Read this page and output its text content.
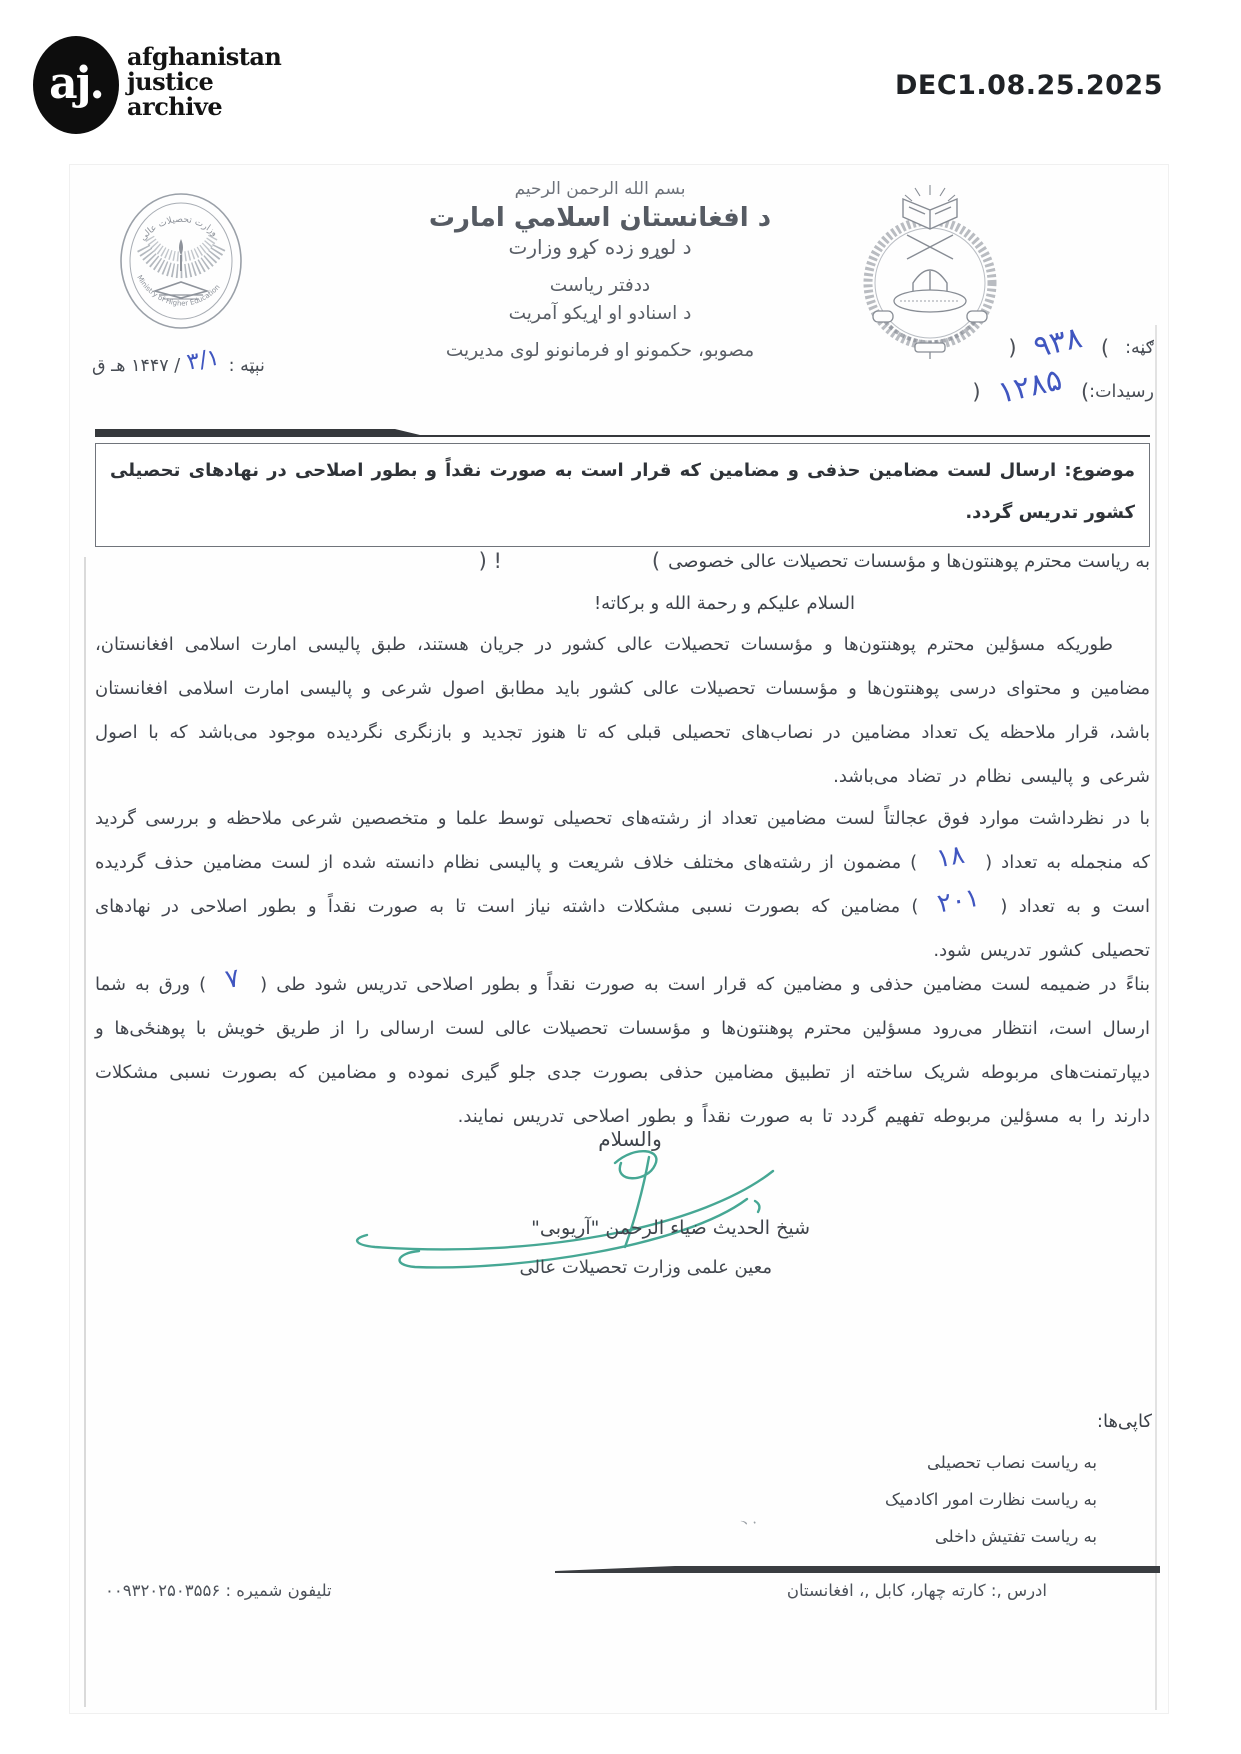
aj.
afghanistan
justice
archive
DEC1.08.25.2025
وزارت تحصیلات عالی
Ministry of Higher Education
بسم الله الرحمن الرحیم
د افغانستان اسلامي امارت
د لوړو زده کړو وزارت
ددفتر ریاست
د اسنادو او اړیکو آمریت
مصوبو، حکمونو او فرمانونو لوی مدیریت	ګڼه:
(
۹۳۸
)
رسیدات:
(
۱۲۸۵
)
نېټه :
۳/۱
/ ۱۴۴۷ هـ ق
موضوع: ارسال لست مضامین حذفی و مضامین که قرار است به صورت نقداً و بطور اصلاحی در نهادهای تحصیلی کشور تدریس گردد.
به ریاست محترم پوهنتون‌ها و مؤسسات تحصیلات عالی خصوصی
(
) !
السلام علیکم و رحمة الله و برکاته!
طوریکه مسؤلین محترم پوهنتون‌ها و مؤسسات تحصیلات عالی کشور در جریان هستند، طبق پالیسی امارت اسلامی افغانستان، مضامین و محتوای درسی پوهنتون‌ها و مؤسسات تحصیلات عالی کشور باید مطابق اصول شرعی و پالیسی امارت اسلامی افغانستان باشد، قرار ملاحظه یک تعداد مضامین در نصاب‌های تحصیلی قبلی که تا هنوز تجدید و بازنگری نگردیده موجود می‌باشد که با اصول شرعی و پالیسی نظام در تضاد می‌باشد.
با در نظرداشت موارد فوق عجالتاً لست مضامین تعداد از رشته‌های تحصیلی توسط علما و متخصصین شرعی ملاحظه و بررسی گردید که منجمله به تعداد (۱۸) مضمون از رشته‌های مختلف خلاف شریعت و پالیسی نظام دانسته شده از لست مضامین حذف گردیده است و به تعداد (۲۰۱) مضامین که بصورت نسبی مشکلات داشته نیاز است تا به صورت نقداً و بطور اصلاحی در نهادهای تحصیلی کشور تدریس شود.
بناءً در ضمیمه لست مضامین حذفی و مضامین که قرار است به صورت نقداً و بطور اصلاحی تدریس شود طی (۷) ورق به شما ارسال است، انتظار می‌رود مسؤلین محترم پوهنتون‌ها و مؤسسات تحصیلات عالی لست ارسالی را از طریق خویش با پوهنځی‌ها و دیپارتمنت‌های مربوطه شریک ساخته از تطبیق مضامین حذفی بصورت جدی جلو گیری نموده و مضامین که بصورت نسبی مشکلات دارند را به مسؤلین مربوطه تفهیم گردد تا به صورت نقداً و بطور اصلاحی تدریس نمایند.
والسلام
شیخ الحدیث ضیاء الرحمن "آریوبی"
معین علمی وزارت تحصیلات عالی
کاپی‌ها:
به ریاست نصاب تحصیلی
به ریاست نظارت امور اکادمیک
به ریاست تفتیش داخلی
ヽ.
ادرس ,: کارته چهار، کابل ,، افغانستان
تلیفون شمیره : ۰۰۹۳۲۰۲۵۰۳۵۵۶
